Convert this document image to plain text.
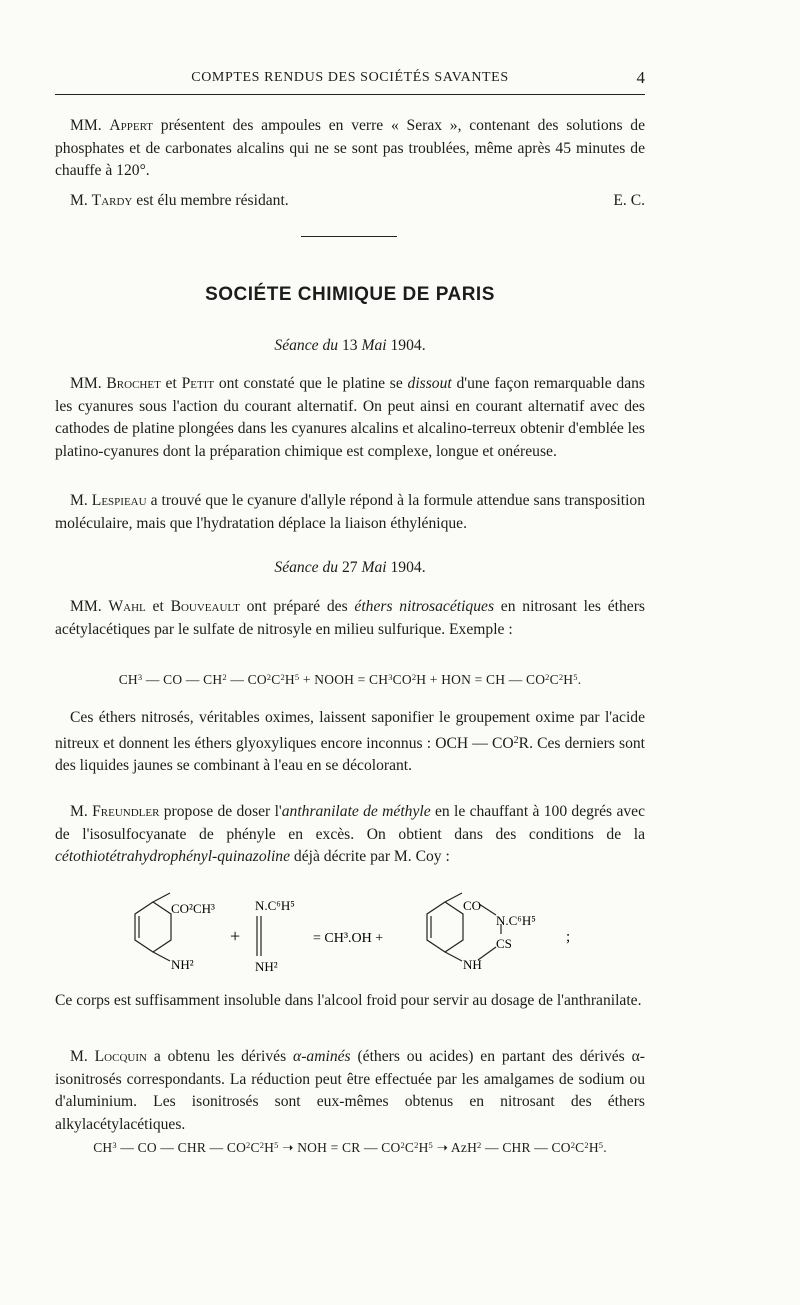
COMPTES RENDUS DES SOCIÉTÉS SAVANTES	4

MM. Appert présentent des ampoules en verre « Serax », contenant des solutions de phosphates et de carbonates alcalins qui ne se sont pas troublées, même après 45 minutes de chauffe à 120°.

M. Tardy est élu membre résidant.	E. C.

SOCIÉTE CHIMIQUE DE PARIS
Séance du 13 Mai 1904.

MM. Brochet et Petit ont constaté que le platine se dissout d'une façon remarquable dans les cyanures sous l'action du courant alternatif. On peut ainsi en courant alternatif avec des cathodes de platine plongées dans les cyanures alcalins et alcalino-terreux obtenir d'emblée les platino-cyanures dont la préparation chimique est complexe, longue et onéreuse.

M. Lespieau a trouvé que le cyanure d'allyle répond à la formule attendue sans transposition moléculaire, mais que l'hydratation déplace la liaison éthylénique.

Séance du 27 Mai 1904.

MM. Wahl et Bouveault ont préparé des éthers nitrosacétiques en nitrosant les éthers acétylacétiques par le sulfate de nitrosyle en milieu sulfurique. Exemple :

$CH^3$ — CO — $CH^2$ — $CO^2C^2H^5$ + NOOH = $CH^3CO^2H$ + HON = CH — $CO^2C^2H^5$.

Ces éthers nitrosés, véritables oximes, laissent saponifier le groupement oxime par l'acide nitreux et donnent les éthers glyoxyliques encore inconnus : OCH — $CO^2R$. Ces derniers sont des liquides jaunes se combinant à l'eau en se décolorant.

M. Freundler propose de doser l'anthranilate de méthyle en le chauffant à 100 degrés avec de l'isosulfocyanate de phényle en excès. On obtient dans des conditions de la cétothiotétrahydrophényl-quinazoline déjà décrite par M. Coy :

CO²CH³
NH²
+
N.C⁶H⁵
NH²
= CH³.OH +
CO
N.C⁶H⁵
CS
NH
;

Ce corps est suffisamment insoluble dans l'alcool froid pour servir au dosage de l'anthranilate.

M. Locquin a obtenu les dérivés α-aminés (éthers ou acides) en partant des dérivés α-isonitrosés correspondants. La réduction peut être effectuée par les amalgames de sodium ou d'aluminium. Les isonitrosés sont eux-mêmes obtenus en nitrosant des éthers alkylacétylacétiques.

$CH^3$ — CO — CHR — $CO^2C^2H^5$ ➝ NOH = CR — $CO^2C^2H^5$ ➝ AzH$^2$ — CHR — $CO^2C^2H^5$.
